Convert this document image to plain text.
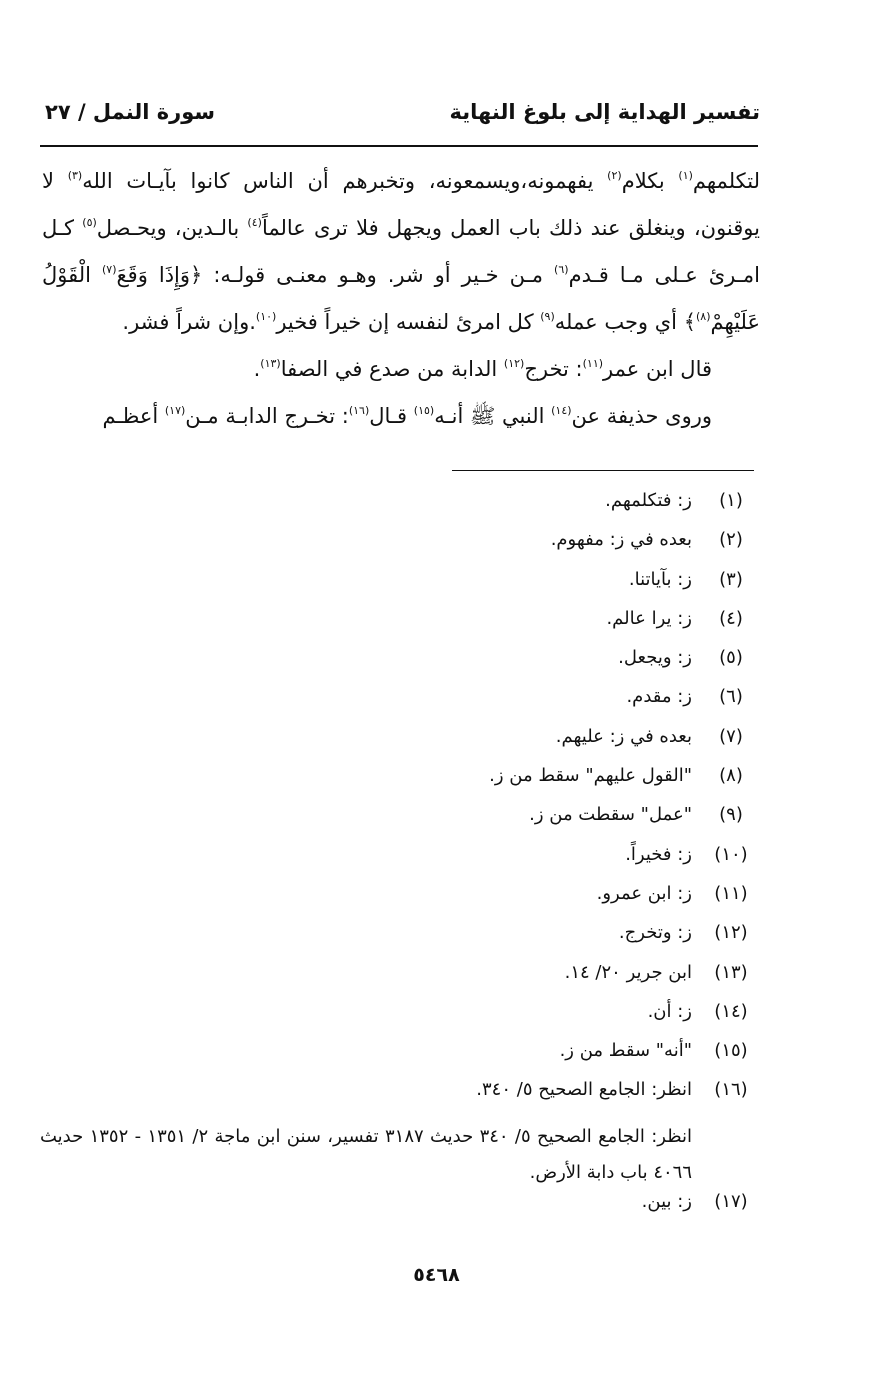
تفسير الهداية إلى بلوغ النهاية
سورة النمل / ٢٧

لتكلمهم$^{(١)}$ بكلام$^{(٢)}$ يفهمونه،ويسمعونه، وتخبرهم أن الناس كانوا بآيـات الله$^{(٣)}$ لا يوقنون، وينغلق عند ذلك باب العمل ويجهل فلا ترى عالماً$^{(٤)}$ بالـدين، ويحـصل$^{(٥)}$ كـل امـرئ عـلى مـا قـدم$^{(٦)}$ مـن خـير أو شر. وهـو معنـى قولـه: ﴿وَإِذَا وَقَعَ$^{(٧)}$ الْقَوْلُ عَلَيْهِمْ$^{(٨)}$﴾ أي وجب عمله$^{(٩)}$ كل امرئ لنفسه إن خيراً فخير$^{(١٠)}$.وإن شراً فشر.

قال ابن عمر$^{(١١)}$: تخرج$^{(١٢)}$ الدابة من صدع في الصفا$^{(١٣)}$.

وروى حذيفة عن$^{(١٤)}$ النبي ﷺ أنـه$^{(١٥)}$ قـال$^{(١٦)}$: تخـرج الدابـة مـن$^{(١٧)}$ أعظـم

(١)
ز: فتكلمهم.
(٢)
بعده في ز: مفهوم.
(٣)
ز: بآياتنا.
(٤)
ز: يرا عالم.
(٥)
ز: ويجعل.
(٦)
ز: مقدم.
(٧)
بعده في ز: عليهم.
(٨)
"القول عليهم" سقط من ز.
(٩)
"عمل" سقطت من ز.
(١٠)
ز: فخيراً.
(١١)
ز: ابن عمرو.
(١٢)
ز: وتخرج.
(١٣)
ابن جرير ٢٠/ ١٤.
(١٤)
ز: أن.
(١٥)
"أنه" سقط من ز.
(١٦)
انظر: الجامع الصحيح ٥/ ٣٤٠.
انظر: الجامع الصحيح ٥/ ٣٤٠ حديث ٣١٨٧ تفسير، سنن ابن ماجة ٢/ ١٣٥١ - ١٣٥٢ حديث ٤٠٦٦ باب دابة الأرض.
(١٧)
ز: بين.
٥٤٦٨
